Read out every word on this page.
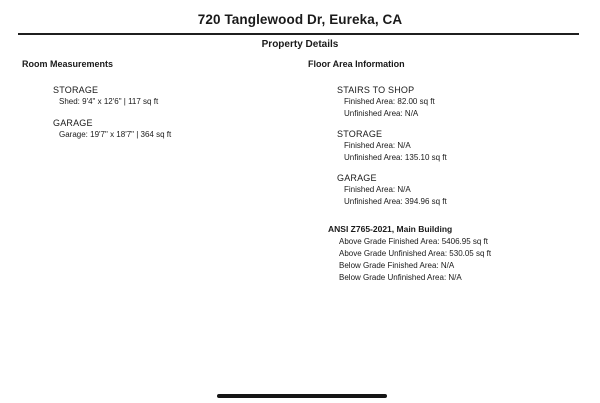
720 Tanglewood Dr, Eureka, CA
Property Details
Room Measurements
STORAGE
Shed: 9'4" x 12'6" | 117 sq ft
GARAGE
Garage: 19'7" x 18'7" | 364 sq ft
Floor Area Information
STAIRS TO SHOP
Finished Area: 82.00 sq ft
Unfinished Area: N/A
STORAGE
Finished Area: N/A
Unfinished Area: 135.10 sq ft
GARAGE
Finished Area: N/A
Unfinished Area: 394.96 sq ft
ANSI Z765-2021, Main Building
Above Grade Finished Area: 5406.95 sq ft
Above Grade Unfinished Area: 530.05 sq ft
Below Grade Finished Area: N/A
Below Grade Unfinished Area: N/A
